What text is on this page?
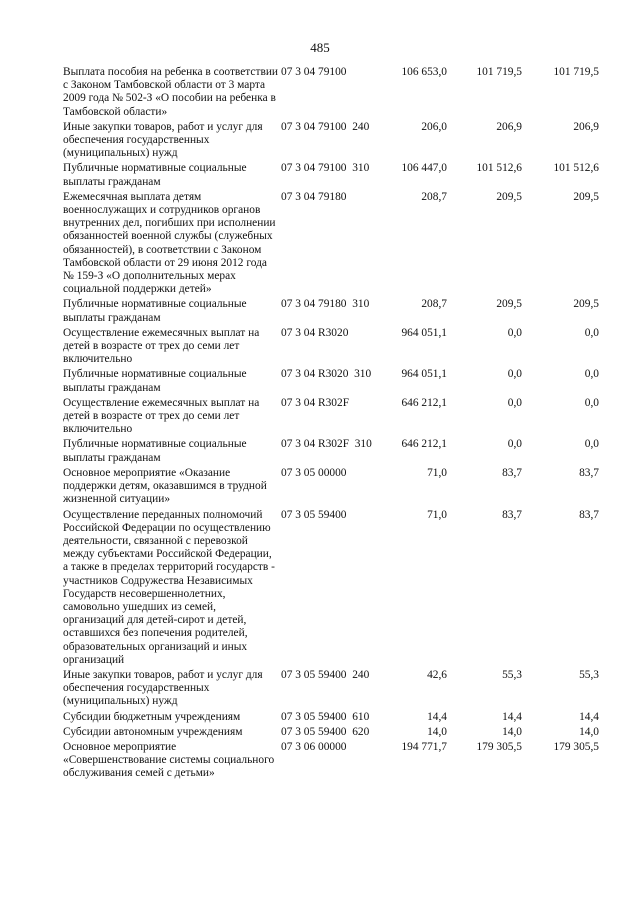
485
Выплата пособия на ребенка в соответствии с Законом Тамбовской области от 3 марта 2009 года № 502-З «О пособии на ребенка в Тамбовской области»
07 3 04 79100	106 653,0	101 719,5	101 719,5
Иные закупки товаров, работ и услуг для обеспечения государственных (муниципальных) нужд
07 3 04 79100  240	206,0	206,9	206,9
Публичные нормативные социальные выплаты гражданам
07 3 04 79100  310	106 447,0	101 512,6	101 512,6
Ежемесячная выплата детям военнослужащих и сотрудников органов внутренних дел, погибших при исполнении обязанностей военной службы (служебных обязанностей), в соответствии с Законом Тамбовской области от 29 июня 2012 года № 159-З «О дополнительных мерах социальной поддержки детей»
07 3 04 79180	208,7	209,5	209,5
Публичные нормативные социальные выплаты гражданам
07 3 04 79180  310	208,7	209,5	209,5
Осуществление ежемесячных выплат на детей в возрасте от трех до семи лет включительно
07 3 04 R3020	964 051,1	0,0	0,0
Публичные нормативные социальные выплаты гражданам
07 3 04 R3020  310	964 051,1	0,0	0,0
Осуществление ежемесячных выплат на детей в возрасте от трех до семи лет включительно
07 3 04 R302F	646 212,1	0,0	0,0
Публичные нормативные социальные выплаты гражданам
07 3 04 R302F  310	646 212,1	0,0	0,0
Основное мероприятие «Оказание поддержки детям, оказавшимся в трудной жизненной ситуации»
07 3 05 00000	71,0	83,7	83,7
Осуществление переданных полномочий Российской Федерации по осуществлению деятельности, связанной с перевозкой между субъектами Российской Федерации, а также в пределах территорий государств - участников Содружества Независимых Государств несовершеннолетних, самовольно ушедших из семей, организаций для детей-сирот и детей, оставшихся без попечения родителей, образовательных организаций и иных организаций
07 3 05 59400	71,0	83,7	83,7
Иные закупки товаров, работ и услуг для обеспечения государственных (муниципальных) нужд
07 3 05 59400  240	42,6	55,3	55,3
Субсидии бюджетным учреждениям	07 3 05 59400  610	14,4	14,4	14,4
Субсидии автономным учреждениям	07 3 05 59400  620	14,0	14,0	14,0
Основное мероприятие «Совершенствование системы социального обслуживания семей с детьми»
07 3 06 00000	194 771,7	179 305,5	179 305,5
